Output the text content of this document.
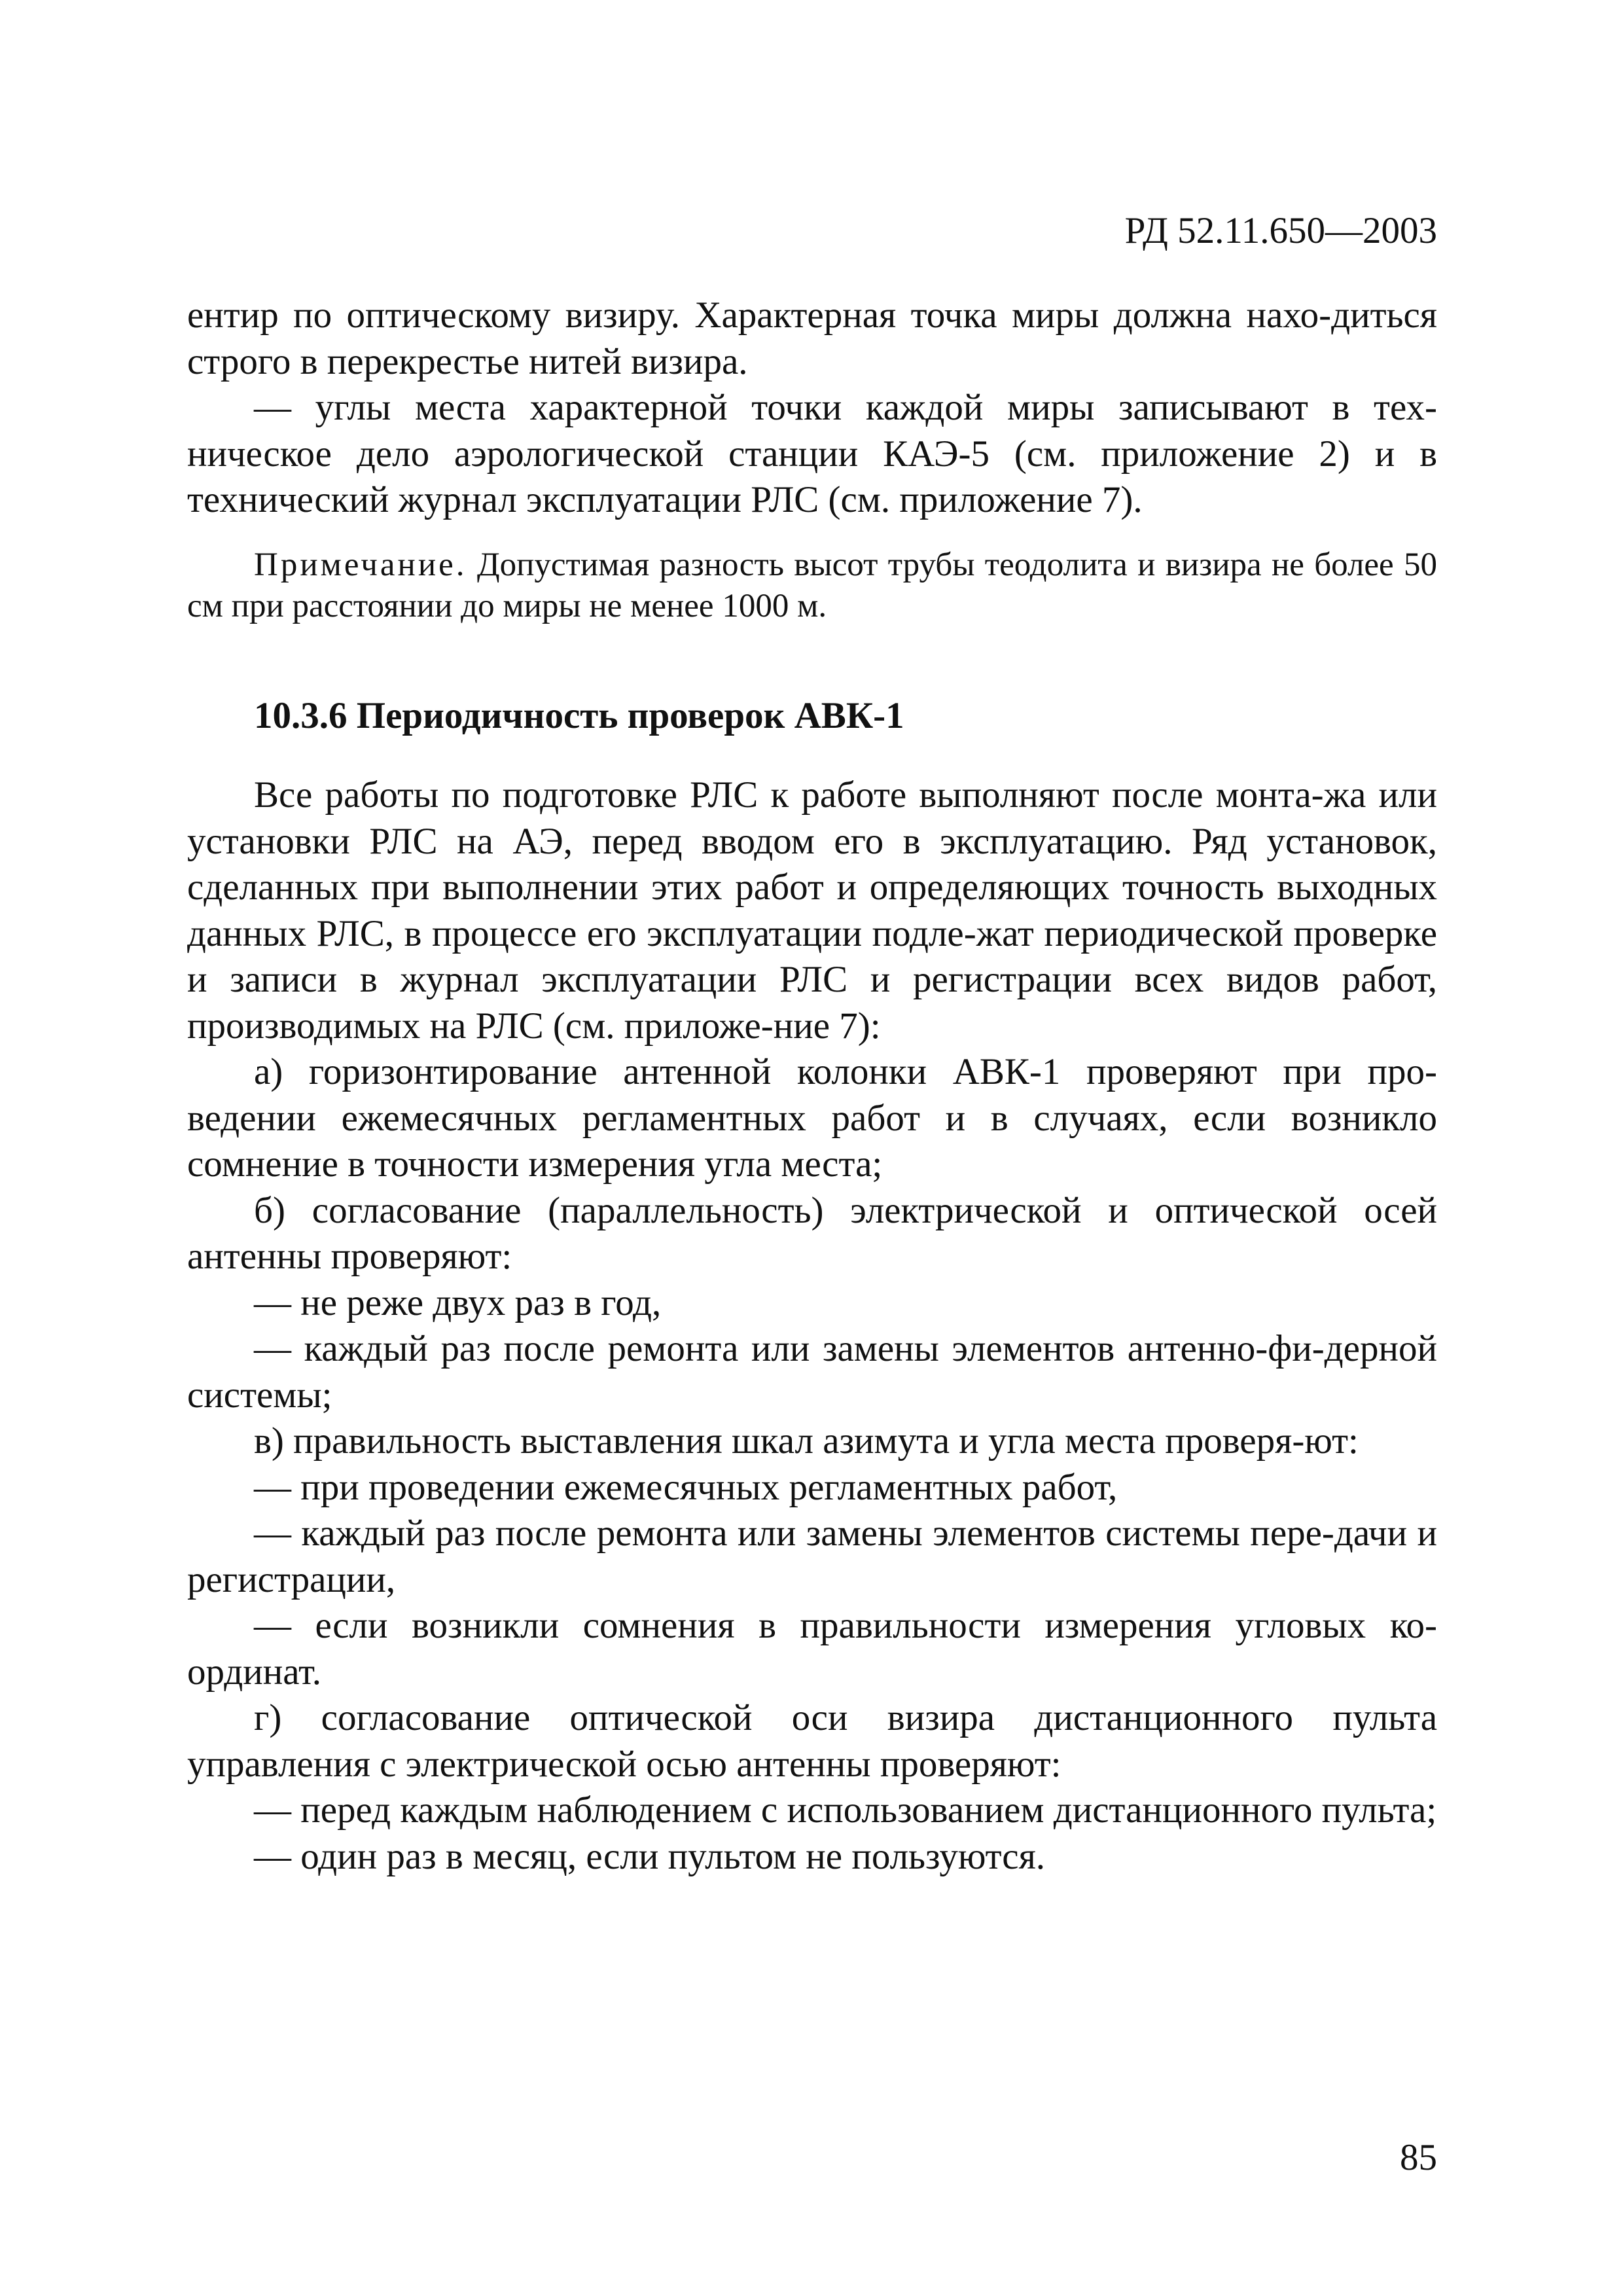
РД 52.11.650—2003

ентир по оптическому визиру. Характерная точка миры должна нахо-диться строго в перекрестье нитей визира.

— углы места характерной точки каждой миры записывают в тех-ническое дело аэрологической станции КАЭ-5 (см. приложение 2) и в технический журнал эксплуатации РЛС (см. приложение 7).

Примечание. Допустимая разность высот трубы теодолита и визира не более 50 см при расстоянии до миры не менее 1000 м.

10.3.6 Периодичность проверок АВК-1

Все работы по подготовке РЛС к работе выполняют после монта-жа или установки РЛС на АЭ, перед вводом его в эксплуатацию. Ряд установок, сделанных при выполнении этих работ и определяющих точность выходных данных РЛС, в процессе его эксплуатации подле-жат периодической проверке и записи в журнал эксплуатации РЛС и регистрации всех видов работ, производимых на РЛС (см. приложе-ние 7):

а) горизонтирование антенной колонки АВК-1 проверяют при про-ведении ежемесячных регламентных работ и в случаях, если возникло сомнение в точности измерения угла места;

б) согласование (параллельность) электрической и оптической осей антенны проверяют:

— не реже двух раз в год,

— каждый раз после ремонта или замены элементов антенно-фи-дерной системы;

в) правильность выставления шкал азимута и угла места проверя-ют:

— при проведении ежемесячных регламентных работ,

— каждый раз после ремонта или замены элементов системы пере-дачи и регистрации,

— если возникли сомнения в правильности измерения угловых ко-ординат.

г) согласование оптической оси визира дистанционного пульта управления с электрической осью антенны проверяют:

— перед каждым наблюдением с использованием дистанционного пульта;

— один раз в месяц, если пультом не пользуются.

85
